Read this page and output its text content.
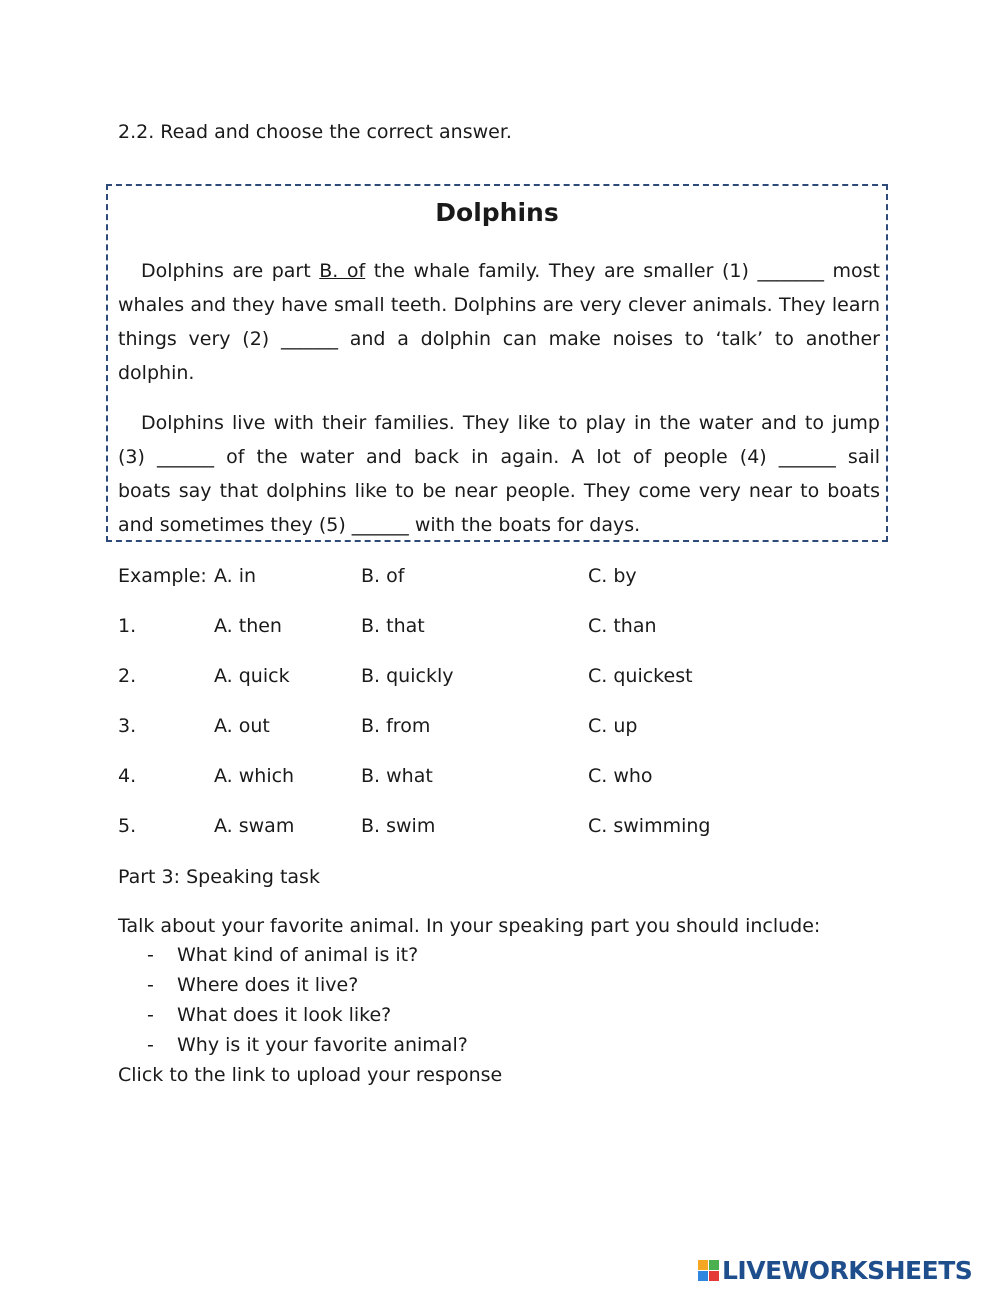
2.2. Read and choose the correct answer.
Dolphins
Dolphins are part B. of the whale family. They are smaller (1) _______ most
whales and they have small teeth. Dolphins are very clever animals. They learn
things very (2) ______ and a dolphin can make noises to ‘talk’ to another
dolphin.
Dolphins live with their families. They like to play in the water and to jump
(3) ______ of the water and back in again. A lot of people (4) ______ sail
boats say that dolphins like to be near people. They come very near to boats
and sometimes they (5) ______ with the boats for days.
Example: A. in	B. of	C. by
1.	A. then	B. that	C. than
2.	A. quick	B. quickly	C. quickest
3.	A. out	B. from	C. up
4.	A. which	B. what	C. who
5.	A. swam	B. swim	C. swimming
Part 3: Speaking task
Talk about your favorite animal. In your speaking part you should include:
- What kind of animal is it?
- Where does it live?
- What does it look like?
- Why is it your favorite animal?
Click to the link to upload your response
LIVEWORKSHEETS
